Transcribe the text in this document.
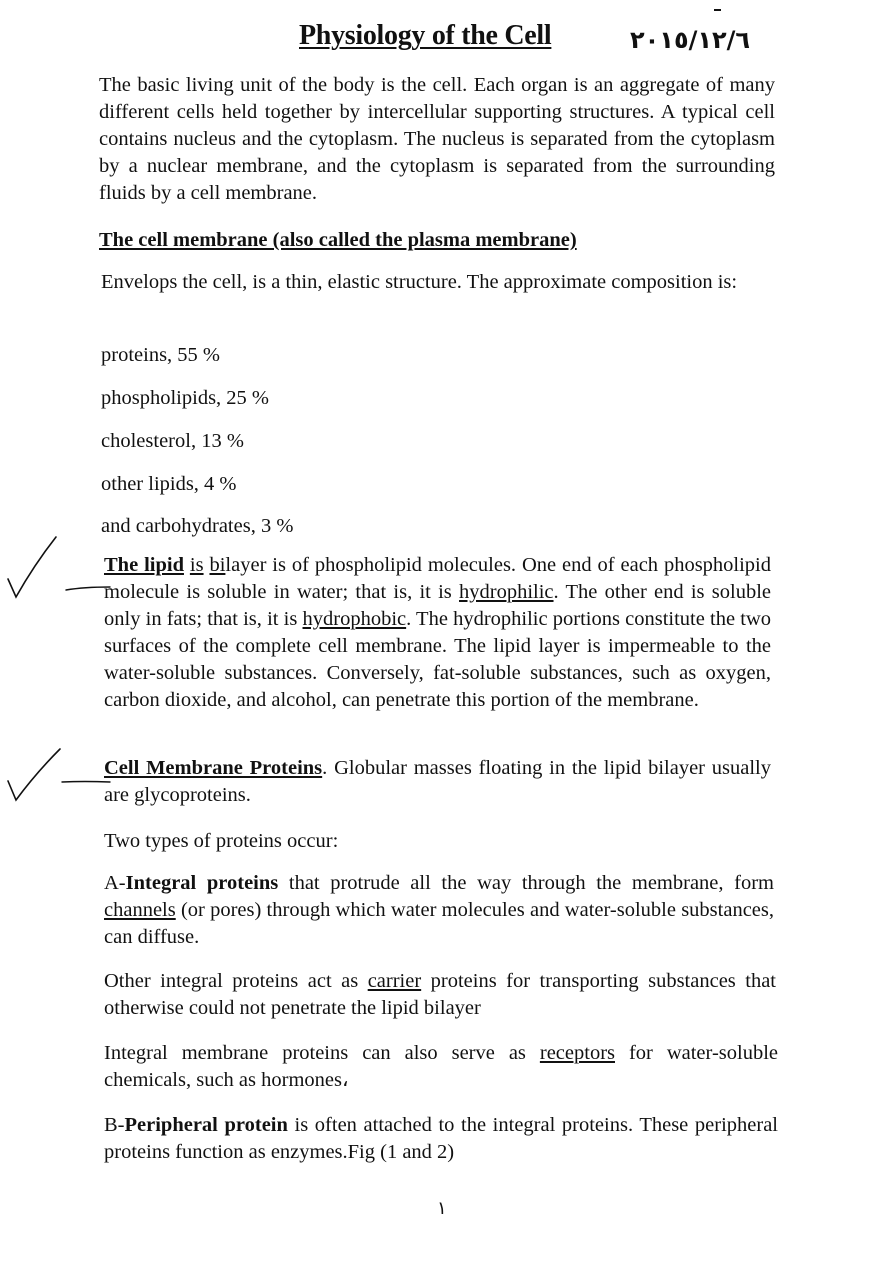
Physiology of the Cell	٢٠١٥/١٢/٦
The basic living unit of the body is the cell. Each organ is an aggregate of many different cells held together by intercellular supporting structures. A typical cell contains nucleus and the cytoplasm. The nucleus is separated from the cytoplasm by a nuclear membrane, and the cytoplasm is separated from the surrounding fluids by a cell membrane.
The cell membrane (also called the plasma membrane)
Envelops the cell, is a thin, elastic structure. The approximate composition is:
proteins, 55 %
phospholipids, 25 %
cholesterol, 13 %
other lipids, 4 %
and carbohydrates, 3 %
The lipid is bilayer is of phospholipid molecules. One end of each phospholipid molecule is soluble in water; that is, it is hydrophilic. The other end is soluble only in fats; that is, it is hydrophobic. The hydrophilic portions constitute the two surfaces of the complete cell membrane. The lipid layer is impermeable to the water-soluble substances. Conversely, fat-soluble substances, such as oxygen, carbon dioxide, and alcohol, can penetrate this portion of the membrane.
Cell Membrane Proteins. Globular masses floating in the lipid bilayer usually are glycoproteins.
Two types of proteins occur:
A-Integral proteins that protrude all the way through the membrane, form channels (or pores) through which water molecules and water-soluble substances, can diffuse.
Other integral proteins act as carrier proteins for transporting substances that otherwise could not penetrate the lipid bilayer
Integral membrane proteins can also serve as receptors for water-soluble chemicals, such as hormones،
B-Peripheral protein is often attached to the integral proteins. These peripheral proteins function as enzymes.Fig (1 and 2)
١
